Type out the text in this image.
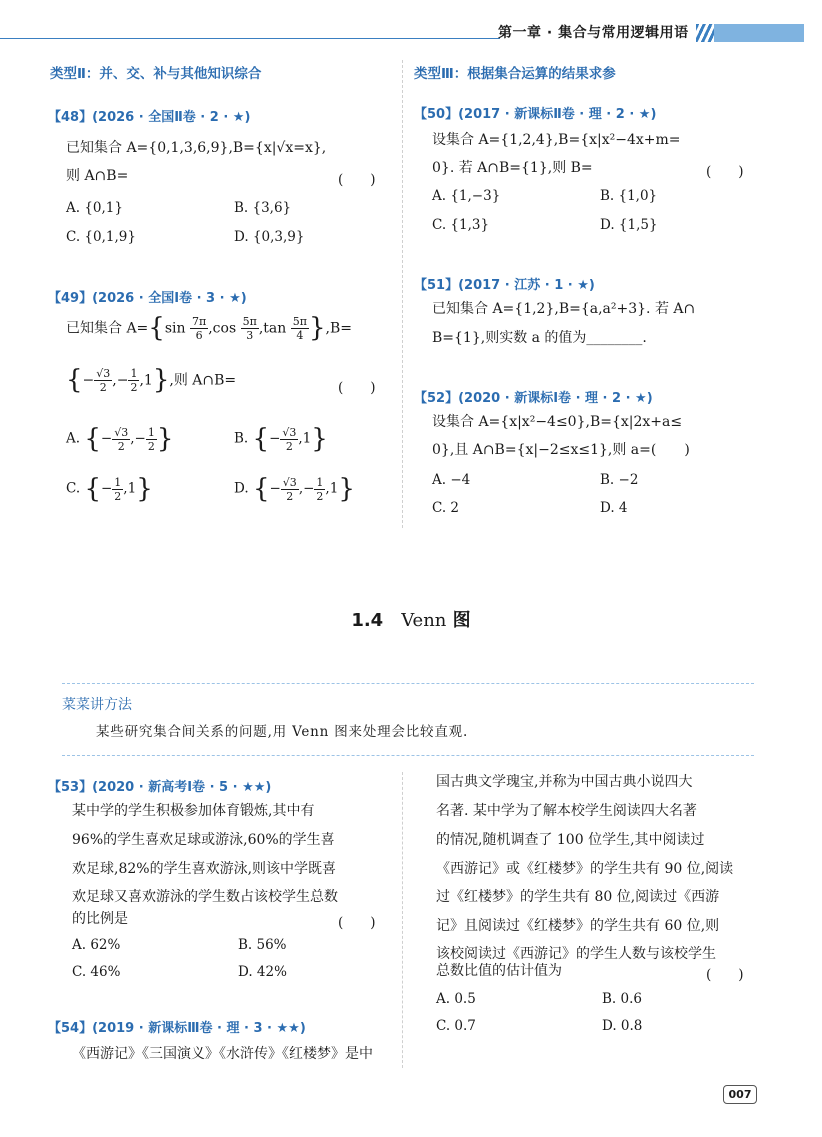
第一章 · 集合与常用逻辑用语
类型Ⅱ：并、交、补与其他知识综合
【48】(2026 · 全国Ⅱ卷 · 2 · ★)
已知集合 A={0,1,3,6,9},B={x|√x=x},
则 A∩B=	(　　)
A. {0,1}	B. {3,6}
C. {0,1,9}	D. {0,3,9}
【49】(2026 · 全国Ⅰ卷 · 3 · ★)
已知集合 $A=\{\sin \frac{7\pi}{6} ,\cos \frac{5\pi}{3} ,\tan \frac{5\pi}{4} \},B=$
{− $\frac{√3}{2}$ ,− $\frac{1}{2} ,1$},则 A∩B=	(　　)
A. {− $\frac{√3}{2}$ ,− $\frac{1}{2}$ }	B. {− $\frac{√3}{2} ,1$}
C. {− $\frac{1}{2} ,1$}	D. {− $\frac{√3}{2}$ ,− $\frac{1}{2} ,1$}
类型Ⅲ：根据集合运算的结果求参
【50】(2017 · 新课标Ⅱ卷 · 理 · 2 · ★)
设集合 A={1,2,4},B={x|x²−4x+m=
0}. 若 A∩B={1},则 B=	(　　)
A. {1,−3}	B. {1,0}
C. {1,3}	D. {1,5}
【51】(2017 · 江苏 · 1 · ★)
已知集合 A={1,2},B={a,a²+3}. 若 A∩
B={1},则实数 a 的值为________.
【52】(2020 · 新课标Ⅰ卷 · 理 · 2 · ★)
设集合 A={x|x²−4≤0},B={x|2x+a≤
0},且 A∩B={x|−2≤x≤1},则 a=(　　)
A. −4	B. −2
C. 2	D. 4
1.4 Venn 图
菜菜讲方法
某些研究集合间关系的问题,用 Venn 图来处理会比较直观.
【53】(2020 · 新高考Ⅰ卷 · 5 · ★★)
某中学的学生积极参加体育锻炼,其中有
96%的学生喜欢足球或游泳,60%的学生喜
欢足球,82%的学生喜欢游泳,则该中学既喜
欢足球又喜欢游泳的学生数占该校学生总数
的比例是	(　　)
A. 62%	B. 56%
C. 46%	D. 42%
【54】(2019 · 新课标Ⅲ卷 · 理 · 3 · ★★)
《西游记》《三国演义》《水浒传》《红楼梦》是中
国古典文学瑰宝,并称为中国古典小说四大
名著. 某中学为了解本校学生阅读四大名著
的情况,随机调查了 100 位学生,其中阅读过
《西游记》或《红楼梦》的学生共有 90 位,阅读
过《红楼梦》的学生共有 80 位,阅读过《西游
记》且阅读过《红楼梦》的学生共有 60 位,则
该校阅读过《西游记》的学生人数与该校学生
总数比值的估计值为	(　　)
A. 0.5	B. 0.6
C. 0.7	D. 0.8
007
